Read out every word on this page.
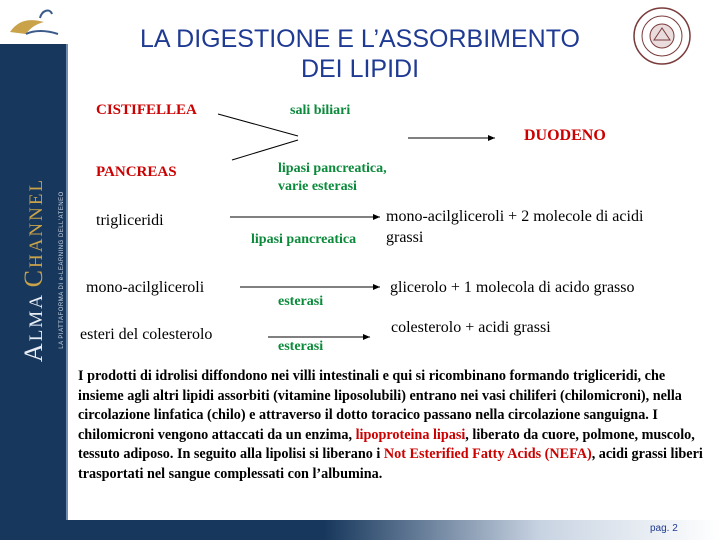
ALMA CHANNEL	LA PIATTAFORMA DI e-LEARNING DELL'ATENEO
LA DIGESTIONE E L’ASSORBIMENTO
DEI LIPIDI
CISTIFELLEA	sali biliari
PANCREAS	lipasi pancreatica,
varie esterasi
DUODENO
trigliceridi
lipasi pancreatica
mono-acilgliceroli + 2 molecole di acidi grassi
mono-acilgliceroli
esterasi
glicerolo + 1 molecola di acido grasso
esteri del colesterolo
esterasi
colesterolo + acidi grassi
I prodotti di idrolisi diffondono nei villi intestinali e qui si ricombinano formando trigliceridi, che insieme agli altri lipidi assorbiti (vitamine liposolubili) entrano nei vasi chiliferi (chilomicroni), nella circolazione linfatica (chilo) e attraverso il dotto toracico passano nella circolazione sanguigna. I chilomicroni vengono attaccati da un enzima, lipoproteina lipasi, liberato da cuore, polmone, muscolo, tessuto adiposo. In seguito alla lipolisi si liberano i Not Esterified Fatty Acids (NEFA), acidi grassi liberi trasportati nel sangue complessati con l’albumina.
pag. 2
